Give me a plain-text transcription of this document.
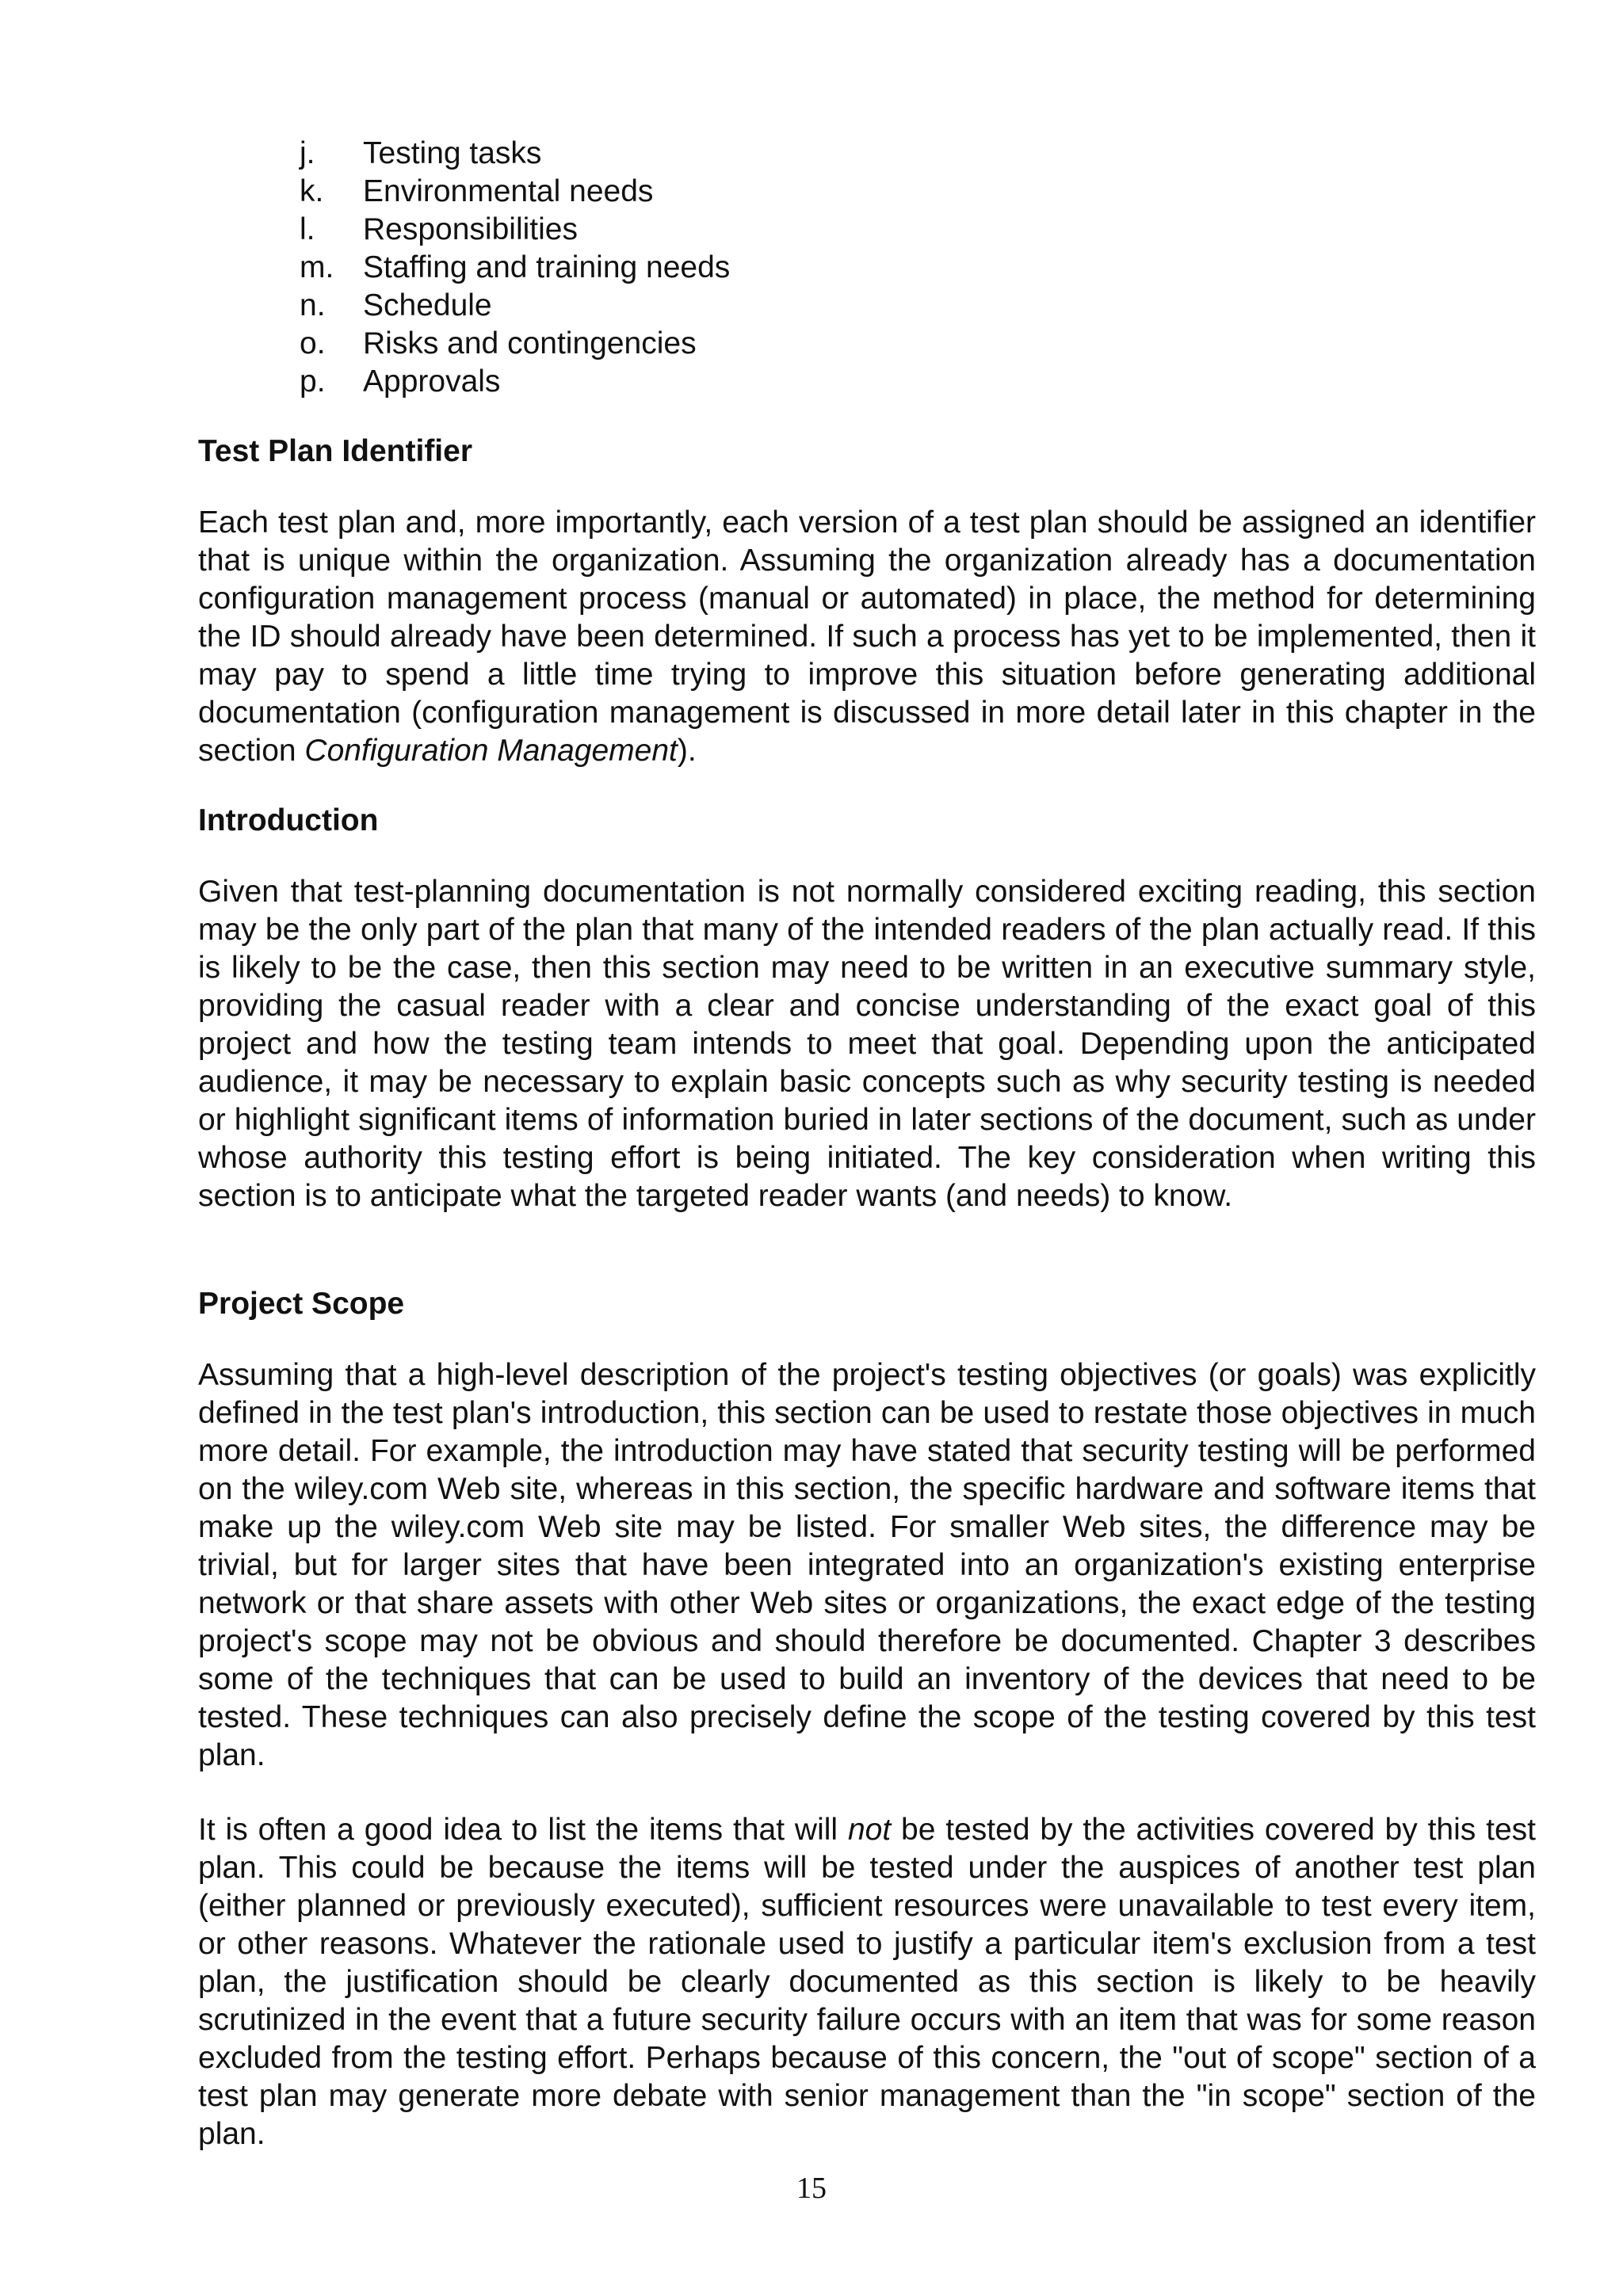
j.	Testing tasks
k.	Environmental needs
l.	Responsibilities
m. Staffing and training needs
n.	Schedule
o.	Risks and contingencies
p.	Approvals
Test Plan Identifier

Each test plan and, more importantly, each version of a test plan should be assigned an identifier that is unique within the organization. Assuming the organization already has a documentation configuration management process (manual or automated) in place, the method for determining the ID should already have been determined. If such a process has yet to be implemented, then it may pay to spend a little time trying to improve this situation before generating additional documentation (configuration management is discussed in more detail later in this chapter in the section Configuration Management).

Introduction

Given that test-planning documentation is not normally considered exciting reading, this section may be the only part of the plan that many of the intended readers of the plan actually read. If this is likely to be the case, then this section may need to be written in an executive summary style, providing the casual reader with a clear and concise understanding of the exact goal of this project and how the testing team intends to meet that goal. Depending upon the anticipated audience, it may be necessary to explain basic concepts such as why security testing is needed or highlight significant items of information buried in later sections of the document, such as under whose authority this testing effort is being initiated. The key consideration when writing this section is to anticipate what the targeted reader wants (and needs) to know.

Project Scope

Assuming that a high-level description of the project's testing objectives (or goals) was explicitly defined in the test plan's introduction, this section can be used to restate those objectives in much more detail. For example, the introduction may have stated that security testing will be performed on the wiley.com Web site, whereas in this section, the specific hardware and software items that make up the wiley.com Web site may be listed. For smaller Web sites, the difference may be trivial, but for larger sites that have been integrated into an organization's existing enterprise network or that share assets with other Web sites or organizations, the exact edge of the testing project's scope may not be obvious and should therefore be documented. Chapter 3 describes some of the techniques that can be used to build an inventory of the devices that need to be tested. These techniques can also precisely define the scope of the testing covered by this test plan.

It is often a good idea to list the items that will not be tested by the activities covered by this test plan. This could be because the items will be tested under the auspices of another test plan (either planned or previously executed), sufficient resources were unavailable to test every item, or other reasons. Whatever the rationale used to justify a particular item's exclusion from a test plan, the justification should be clearly documented as this section is likely to be heavily scrutinized in the event that a future security failure occurs with an item that was for some reason excluded from the testing effort. Perhaps because of this concern, the "out of scope" section of a test plan may generate more debate with senior management than the "in scope" section of the plan.

15
